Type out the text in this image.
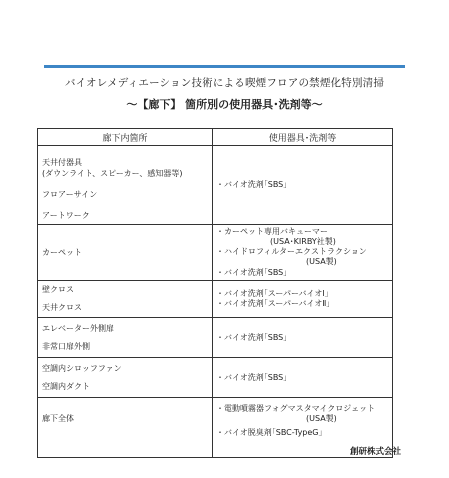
バイオレメディエーション技術による喫煙フロアの禁煙化特別清掃
〜【廊下】 箇所別の使用器具･洗剤等〜
廊下内箇所	使用器具･洗剤等
天井付器具
(ダウンライト、スピーカー、感知器等)
フロアーサイン
アートワーク
・バイオ洗剤｢SBS｣
カーペット
・カーペット専用バキューマー
(USA･KIRBY社製)
・ハイドロフィルターエクストラクション
(USA製)
・バイオ洗剤｢SBS｣
壁クロス
天井クロス
・バイオ洗剤｢スーパーバイオⅠ｣
・バイオ洗剤｢スーパーバイオⅡ｣
エレベーター外側扉
非常口扉外側
・バイオ洗剤｢SBS｣
空調内シロッフファン
空調内ダクト
・バイオ洗剤｢SBS｣
廊下全体
・電動噴霧器フォグマスタマイクロジェット
(USA製)
・バイオ脱臭剤｢SBC-TypeG｣
創研株式会社
